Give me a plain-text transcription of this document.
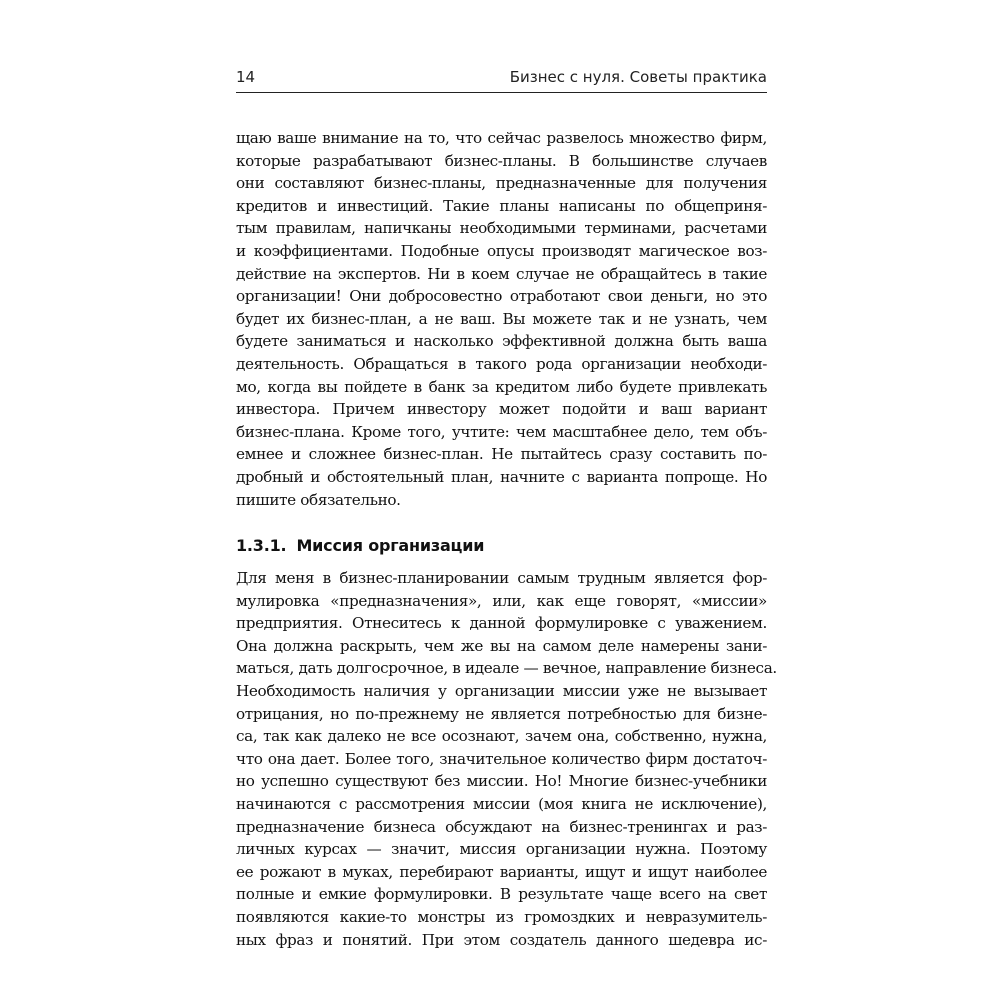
14	Бизнес с нуля. Советы практика
щаю ваше внимание на то, что сейчас развелось множество фирм,
которые разрабатывают бизнес-планы. В большинстве случаев
они составляют бизнес-планы, предназначенные для получения
кредитов и инвестиций. Такие планы написаны по общеприня-
тым правилам, напичканы необходимыми терминами, расчетами
и коэффициентами. Подобные опусы производят магическое воз-
действие на экспертов. Ни в коем случае не обращайтесь в такие
организации! Они добросовестно отработают свои деньги, но это
будет их бизнес-план, а не ваш. Вы можете так и не узнать, чем
будете заниматься и насколько эффективной должна быть ваша
деятельность. Обращаться в такого рода организации необходи-
мо, когда вы пойдете в банк за кредитом либо будете привлекать
инвестора. Причем инвестору может подойти и ваш вариант
бизнес-плана. Кроме того, учтите: чем масштабнее дело, тем объ-
емнее и сложнее бизнес-план. Не пытайтесь сразу составить по-
дробный и обстоятельный план, начните с варианта попроще. Но
пишите обязательно.
1.3.1. Миссия организации
Для меня в бизнес-планировании самым трудным является фор-
мулировка «предназначения», или, как еще говорят, «миссии»
предприятия. Отнеситесь к данной формулировке с уважением.
Она должна раскрыть, чем же вы на самом деле намерены зани-
маться, дать долгосрочное, в идеале — вечное, направление бизнеса.
Необходимость наличия у организации миссии уже не вызывает
отрицания, но по-прежнему не является потребностью для бизне-
са, так как далеко не все осознают, зачем она, собственно, нужна,
что она дает. Более того, значительное количество фирм достаточ-
но успешно существуют без миссии. Но! Многие бизнес-учебники
начинаются с рассмотрения миссии (моя книга не исключение),
предназначение бизнеса обсуждают на бизнес-тренингах и раз-
личных курсах — значит, миссия организации нужна. Поэтому
ее рожают в муках, перебирают варианты, ищут и ищут наиболее
полные и емкие формулировки. В результате чаще всего на свет
появляются какие-то монстры из громоздких и невразумитель-
ных фраз и понятий. При этом создатель данного шедевра ис-
